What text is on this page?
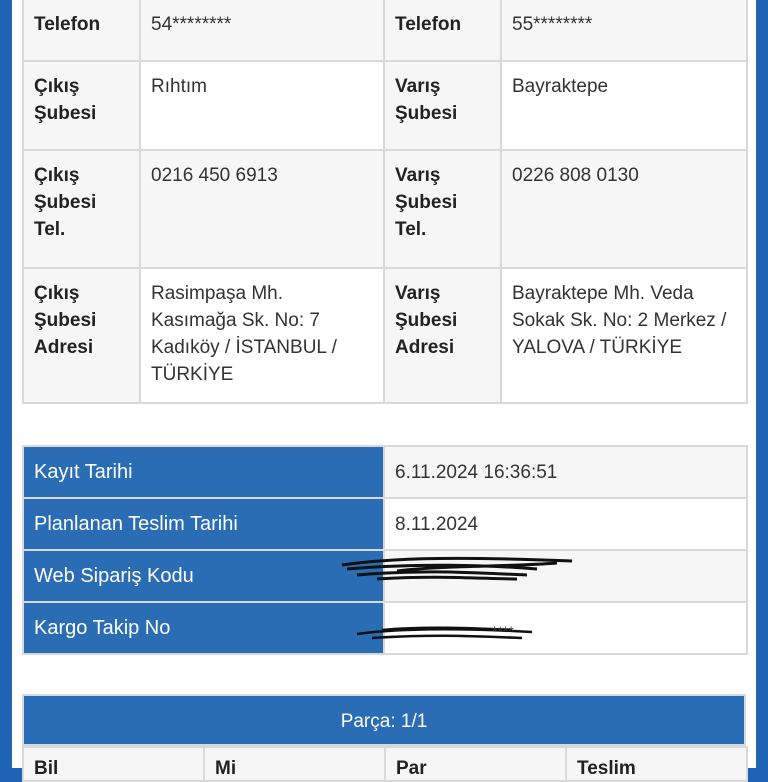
Telefon	54********	Telefon	55********
Çıkış Şubesi	Rıhtım	Varış Şubesi	Bayraktepe
Çıkış Şubesi Tel.	0216 450 6913	Varış Şubesi Tel.	0226 808 0130
Çıkış Şubesi Adresi	Rasimpaşa Mh. Kasımağa Sk. No: 7 Kadıköy / İSTANBUL / TÜRKİYE	Varış Şubesi Adresi	Bayraktepe Mh. Veda Sokak Sk. No: 2 Merkez / YALOVA / TÜRKİYE
Kayıt Tarihi	6.11.2024 16:36:51
Planlanan Teslim Tarihi	8.11.2024
Web Sipariş Kodu	
Kargo Takip No		****
Parça: 1/1
Bil	Mi	Par	Teslim
